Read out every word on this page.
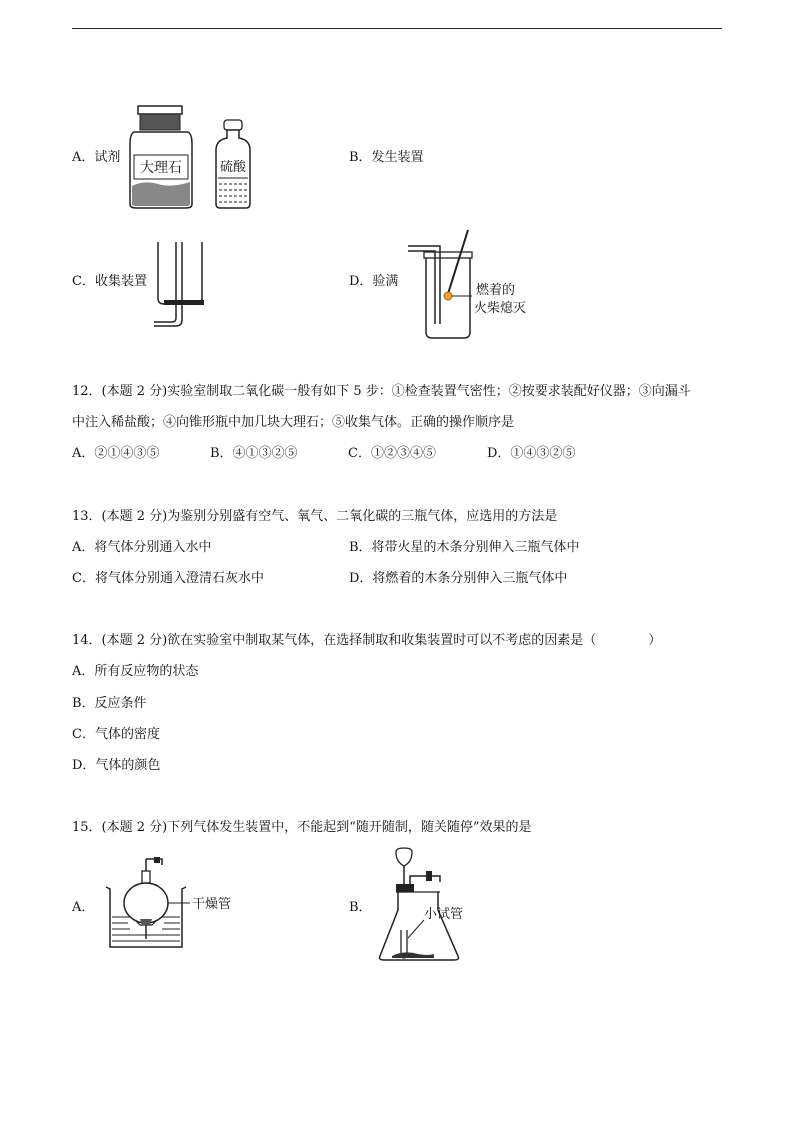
A．试剂
大理石	硫酸
B．发生装置
C．收集装置	D．验满
燃着的
火柴熄灭
12．(本题 2 分)实验室制取二氧化碳一般有如下 5 步：①检查装置气密性；②按要求装配好仪器；③向漏斗
中注入稀盐酸；④向锥形瓶中加几块大理石；⑤收集气体。正确的操作顺序是
A．②①④③⑤	B．④①③②⑤	C．①②③④⑤	D．①④③②⑤
13．(本题 2 分)为鉴别分别盛有空气、氧气、二氧化碳的三瓶气体，应选用的方法是
A．将气体分别通入水中	B．将带火星的木条分别伸入三瓶气体中
C．将气体分别通入澄清石灰水中	D．将燃着的木条分别伸入三瓶气体中
14．(本题 2 分)欲在实验室中制取某气体，在选择制取和收集装置时可以不考虑的因素是（　　　　）
A．所有反应物的状态
B．反应条件
C．气体的密度
D．气体的颜色
15．(本题 2 分)下列气体发生装置中，不能起到“随开随制，随关随停”效果的是
A．	干燥管	B．	小试管
